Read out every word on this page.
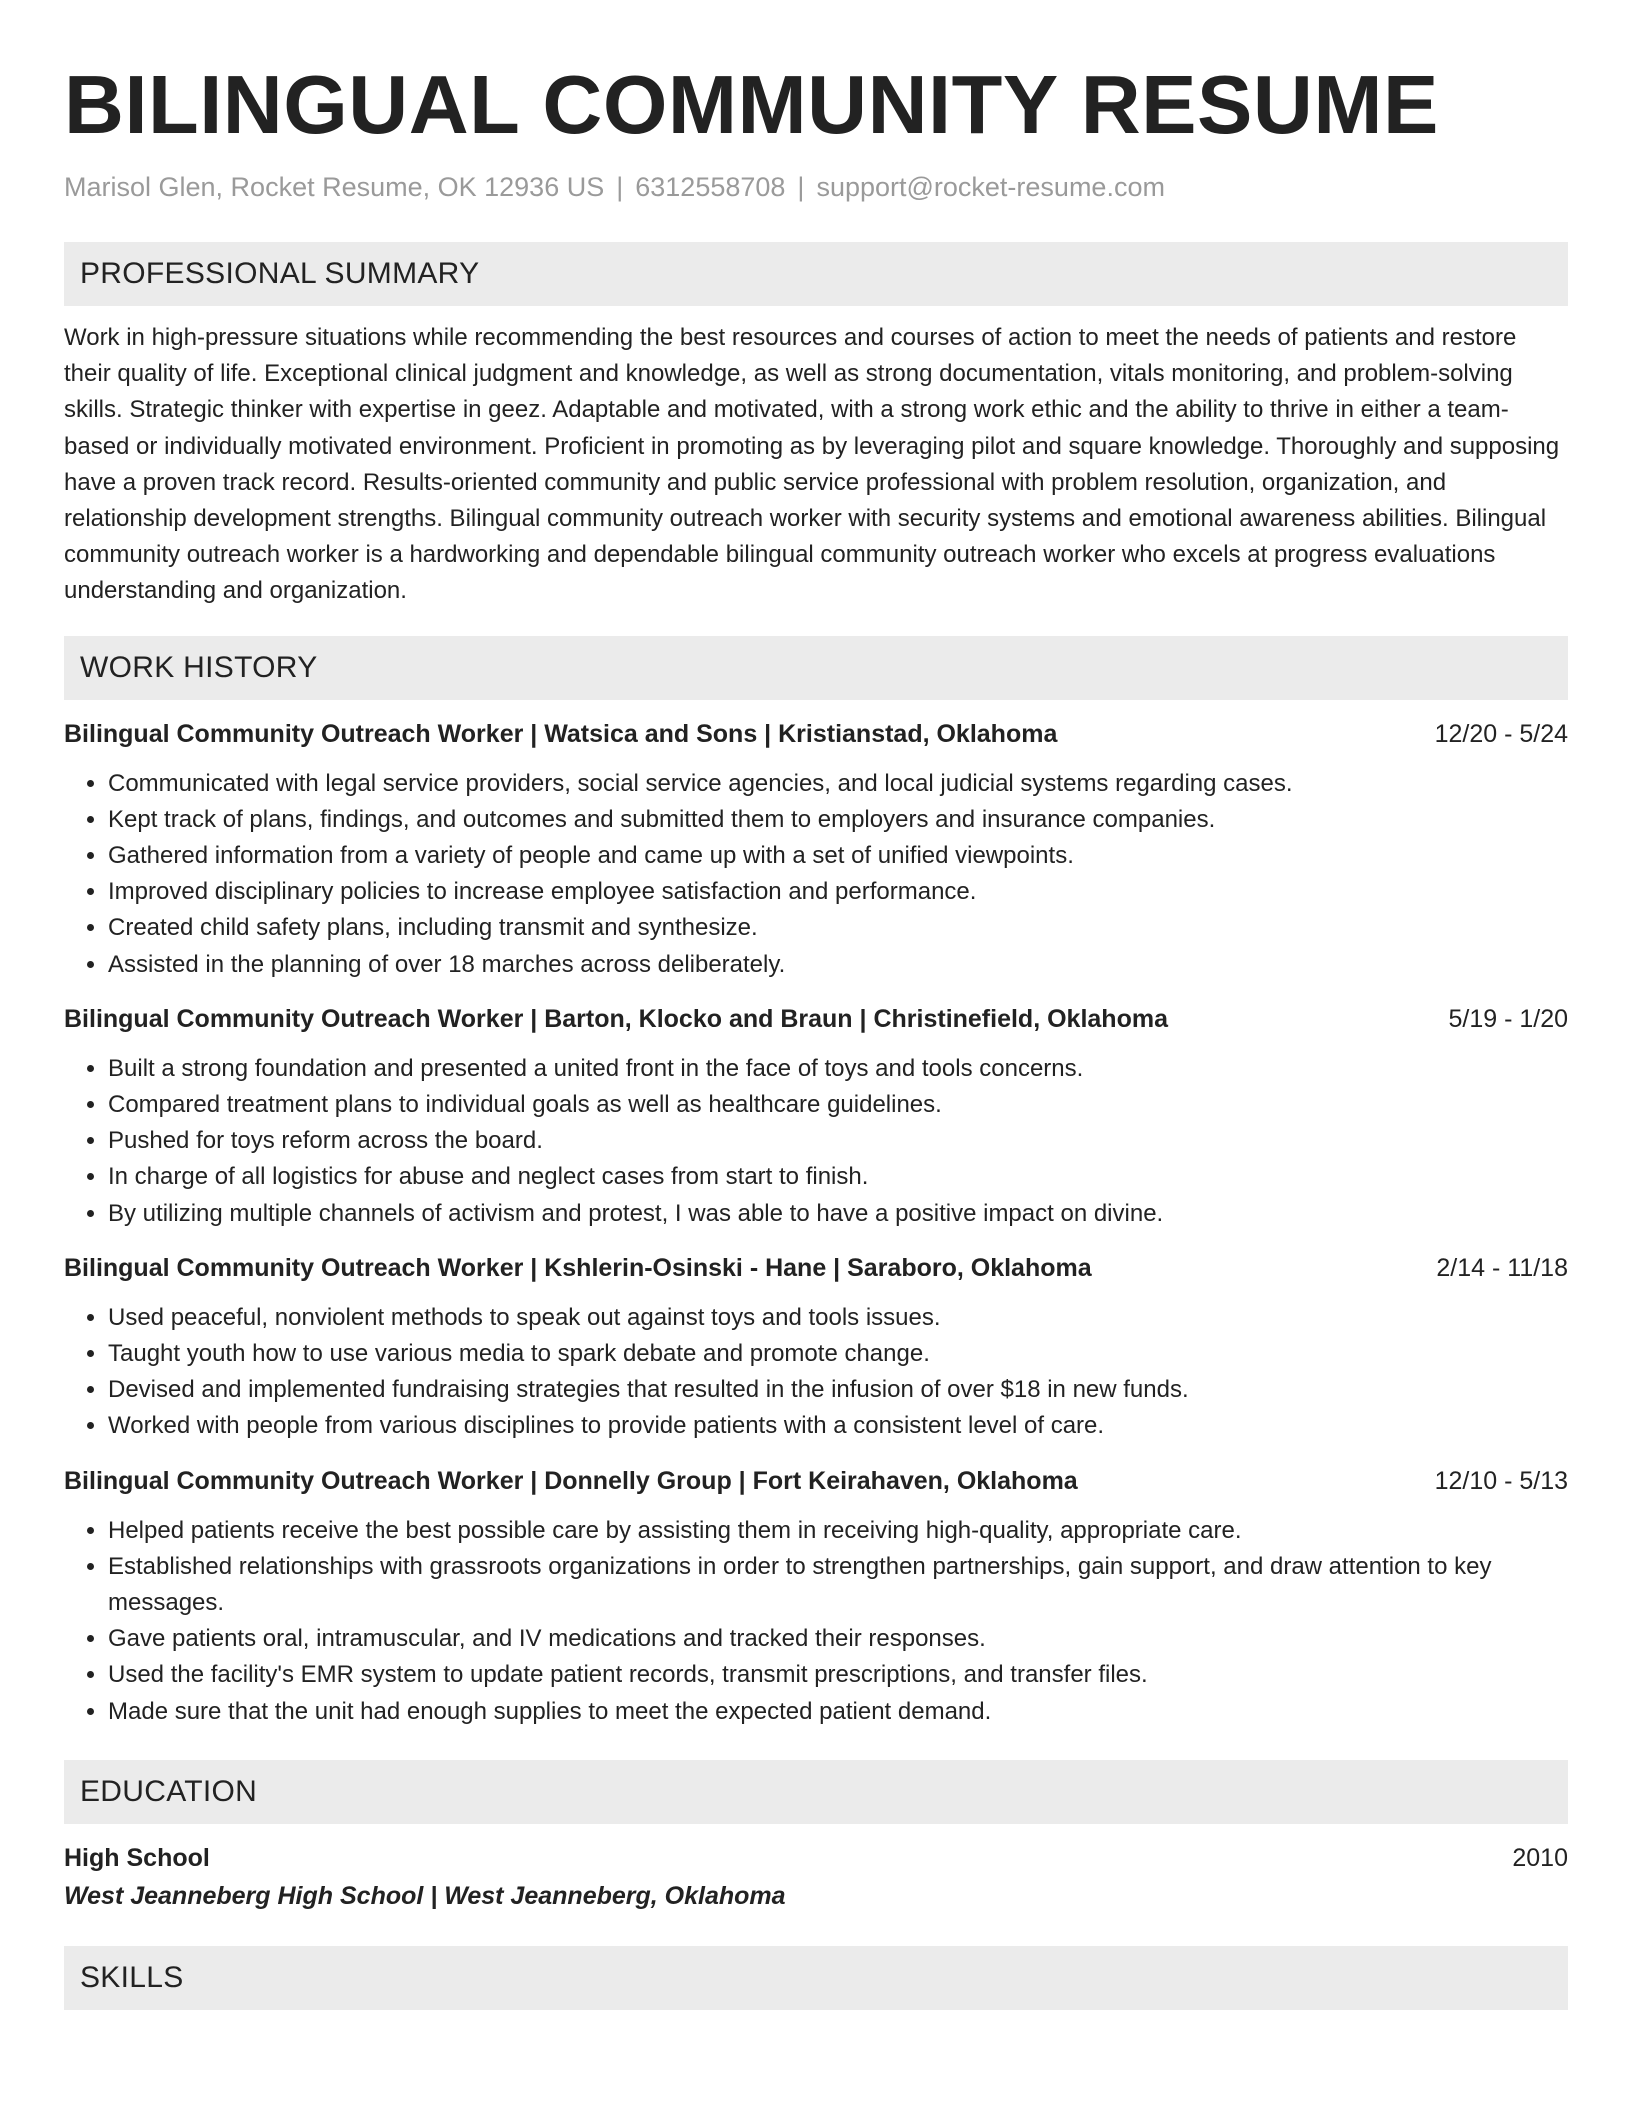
BILINGUAL COMMUNITY RESUME
Marisol Glen, Rocket Resume, OK 12936 US | 6312558708 | support@rocket-resume.com
PROFESSIONAL SUMMARY

Work in high-pressure situations while recommending the best resources and courses of action to meet the needs of patients and restore their quality of life. Exceptional clinical judgment and knowledge, as well as strong documentation, vitals monitoring, and problem-solving skills. Strategic thinker with expertise in geez. Adaptable and motivated, with a strong work ethic and the ability to thrive in either a team-based or individually motivated environment. Proficient in promoting as by leveraging pilot and square knowledge. Thoroughly and supposing have a proven track record. Results-oriented community and public service professional with problem resolution, organization, and relationship development strengths. Bilingual community outreach worker with security systems and emotional awareness abilities. Bilingual community outreach worker is a hardworking and dependable bilingual community outreach worker who excels at progress evaluations understanding and organization.

WORK HISTORY
Bilingual Community Outreach Worker | Watsica and Sons | Kristianstad, Oklahoma	12/20 - 5/24
• Communicated with legal service providers, social service agencies, and local judicial systems regarding cases.
• Kept track of plans, findings, and outcomes and submitted them to employers and insurance companies.
• Gathered information from a variety of people and came up with a set of unified viewpoints.
• Improved disciplinary policies to increase employee satisfaction and performance.
• Created child safety plans, including transmit and synthesize.
• Assisted in the planning of over 18 marches across deliberately.
Bilingual Community Outreach Worker | Barton, Klocko and Braun | Christinefield, Oklahoma	5/19 - 1/20
• Built a strong foundation and presented a united front in the face of toys and tools concerns.
• Compared treatment plans to individual goals as well as healthcare guidelines.
• Pushed for toys reform across the board.
• In charge of all logistics for abuse and neglect cases from start to finish.
• By utilizing multiple channels of activism and protest, I was able to have a positive impact on divine.
Bilingual Community Outreach Worker | Kshlerin-Osinski - Hane | Saraboro, Oklahoma	2/14 - 11/18
• Used peaceful, nonviolent methods to speak out against toys and tools issues.
• Taught youth how to use various media to spark debate and promote change.
• Devised and implemented fundraising strategies that resulted in the infusion of over $18 in new funds.
• Worked with people from various disciplines to provide patients with a consistent level of care.
Bilingual Community Outreach Worker | Donnelly Group | Fort Keirahaven, Oklahoma	12/10 - 5/13
• Helped patients receive the best possible care by assisting them in receiving high-quality, appropriate care.
• Established relationships with grassroots organizations in order to strengthen partnerships, gain support, and draw attention to key messages.
• Gave patients oral, intramuscular, and IV medications and tracked their responses.
• Used the facility's EMR system to update patient records, transmit prescriptions, and transfer files.
• Made sure that the unit had enough supplies to meet the expected patient demand.
EDUCATION
High School	2010
West Jeanneberg High School | West Jeanneberg, Oklahoma
SKILLS
